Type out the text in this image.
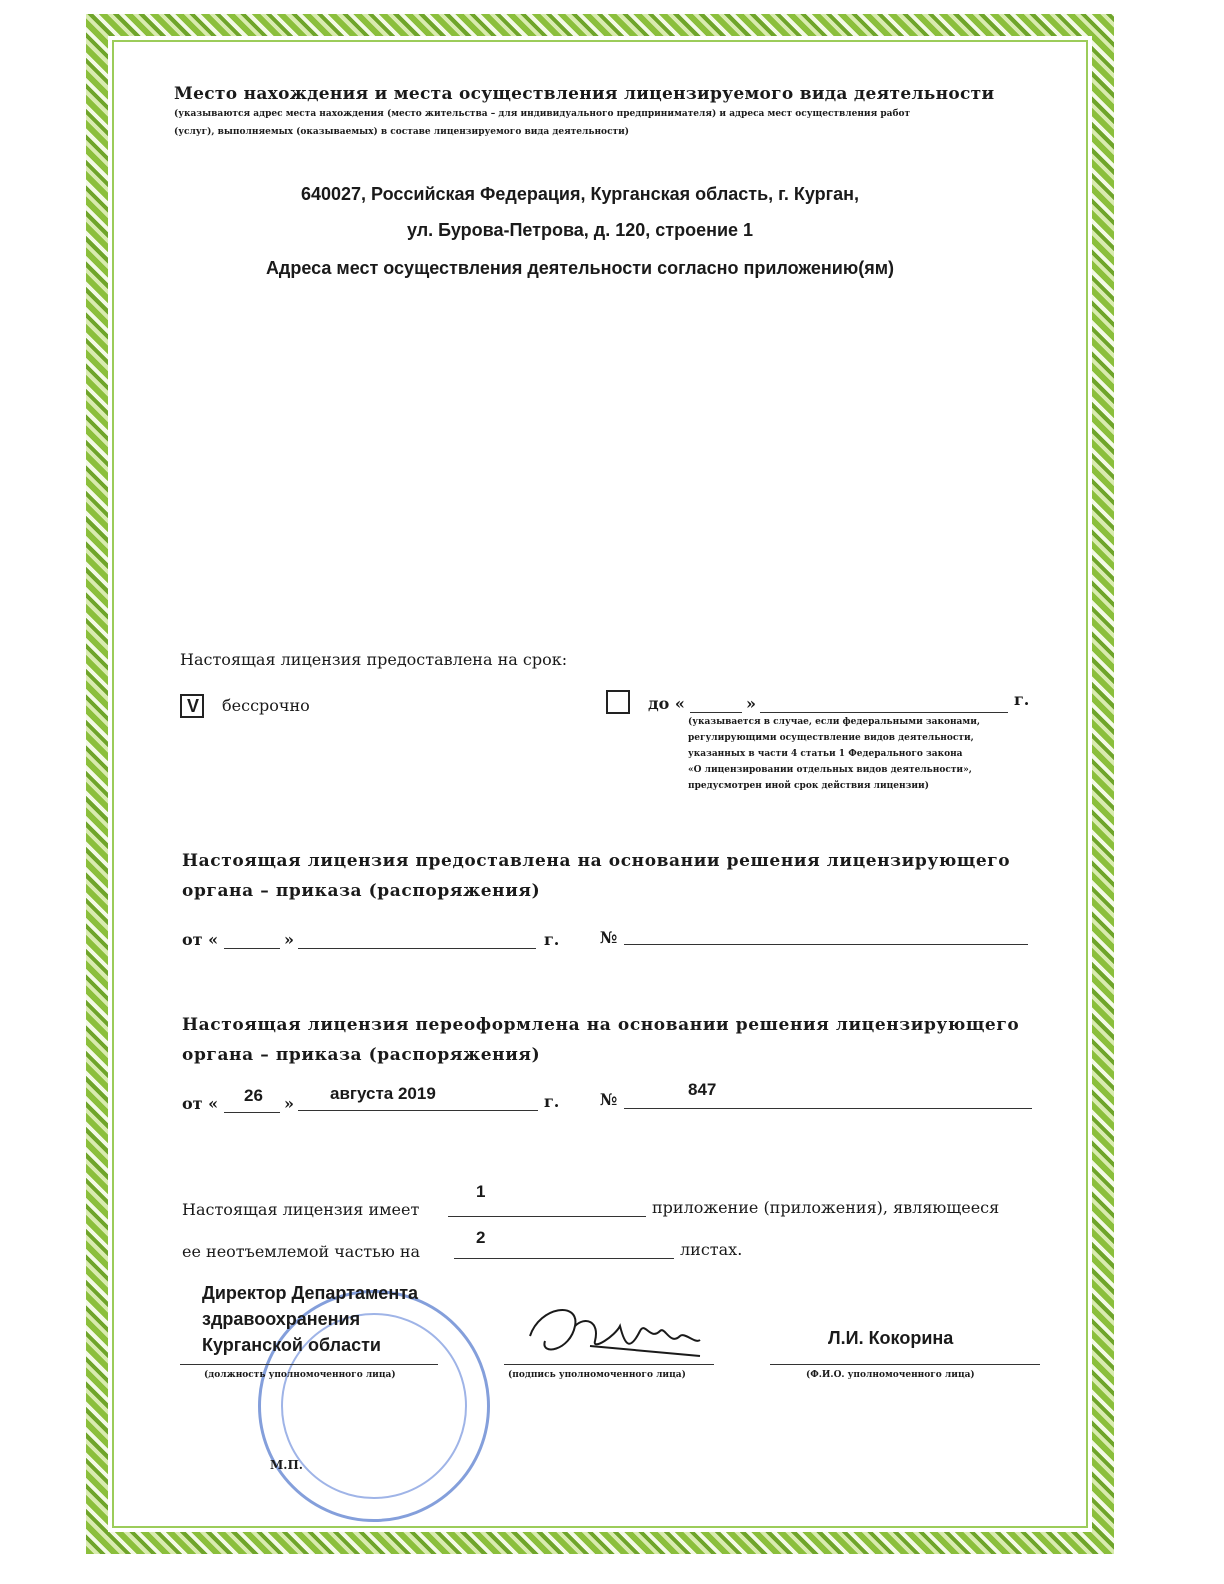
Место нахождения и места осуществления лицензируемого вида деятельности
(указываются адрес места нахождения (место жительства – для индивидуального предпринимателя) и адреса мест осуществления работ
(услуг), выполняемых (оказываемых) в составе лицензируемого вида деятельности)
640027, Российская Федерация, Курганская область, г. Курган,
ул. Бурова-Петрова, д. 120, строение 1
Адреса мест осуществления деятельности согласно приложению(ям)
Настоящая лицензия предоставлена на срок:
V бессрочно	до «	»	г.
(указывается в случае, если федеральными законами,
регулирующими осуществление видов деятельности,
указанных в части 4 статьи 1 Федерального закона
«О лицензировании отдельных видов деятельности»,
предусмотрен иной срок действия лицензии)
Настоящая лицензия предоставлена на основании решения лицензирующего
органа – приказа (распоряжения)
от «	»	г.	№
Настоящая лицензия переоформлена на основании решения лицензирующего
органа – приказа (распоряжения)
от « 26 »
августа 2019	г.	№
847
Настоящая лицензия имеет
1
приложение (приложения), являющееся
ее неотъемлемой частью на
2
листах.
Директор Департамента
здравоохранения
Курганской области
(должность уполномоченного лица)	(подпись уполномоченного лица)
Л.И. Кокорина
(Ф.И.О. уполномоченного лица)
М.П.
